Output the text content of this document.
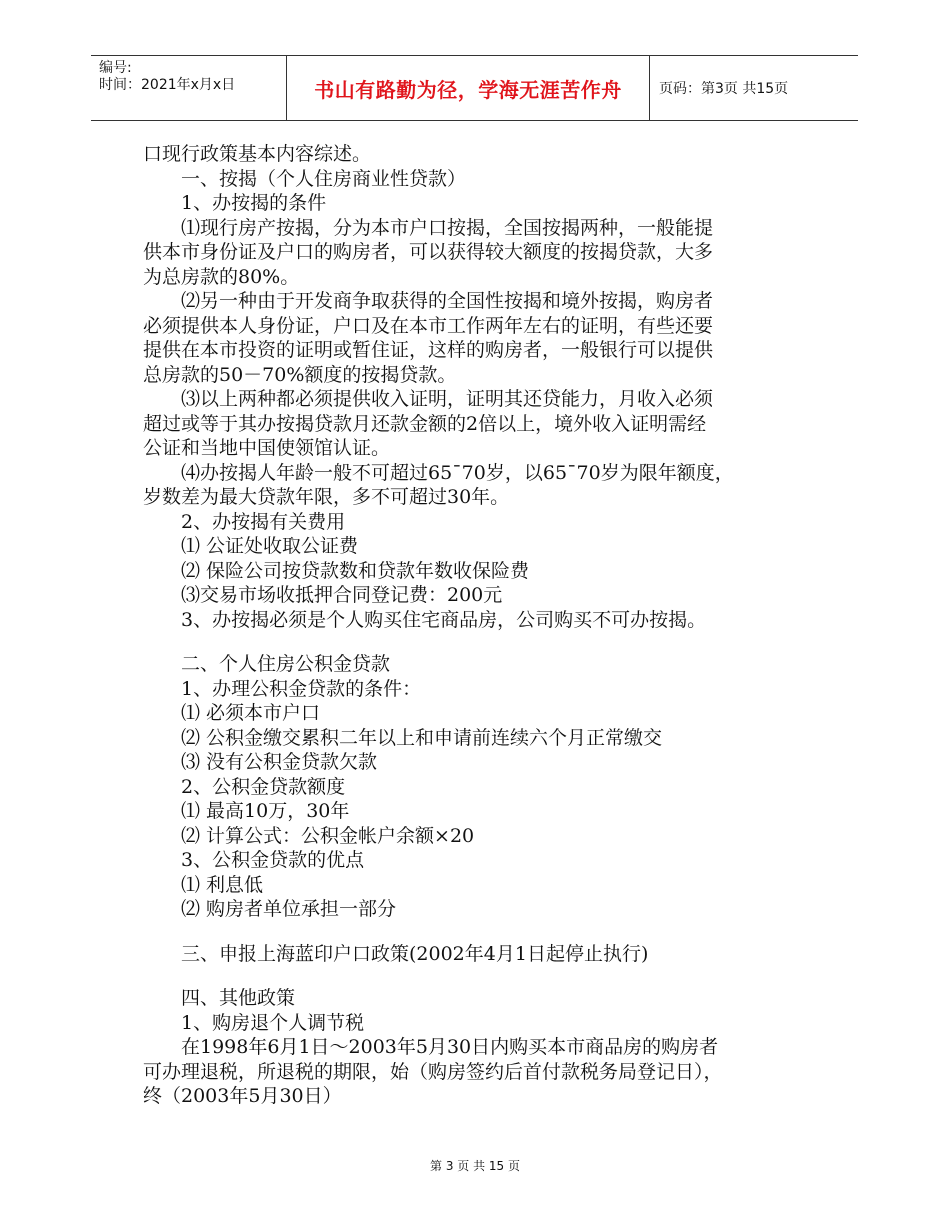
编号:
时间：2021年x月x日	书山有路勤为径，学海无涯苦作舟	页码：第3页 共15页
口现行政策基本内容综述。
　　一、按揭（个人住房商业性贷款）
　　1、办按揭的条件
　　⑴现行房产按揭，分为本市户口按揭，全国按揭两种，一般能提
供本市身份证及户口的购房者，可以获得较大额度的按揭贷款，大多
为总房款的80%。
　　⑵另一种由于开发商争取获得的全国性按揭和境外按揭，购房者
必须提供本人身份证，户口及在本市工作两年左右的证明，有些还要
提供在本市投资的证明或暂住证，这样的购房者，一般银行可以提供
总房款的50－70%额度的按揭贷款。
　　⑶以上两种都必须提供收入证明，证明其还贷能力，月收入必须
超过或等于其办按揭贷款月还款金额的2倍以上，境外收入证明需经
公证和当地中国使领馆认证。
　　⑷办按揭人年龄一般不可超过65¯70岁，以65¯70岁为限年额度，
岁数差为最大贷款年限，多不可超过30年。
　　2、办按揭有关费用
　　⑴ 公证处收取公证费
　　⑵ 保险公司按贷款数和贷款年数收保险费
　　⑶交易市场收抵押合同登记费：200元
　　3、办按揭必须是个人购买住宅商品房，公司购买不可办按揭。
　　二、个人住房公积金贷款
　　1、办理公积金贷款的条件：
　　⑴ 必须本市户口
　　⑵ 公积金缴交累积二年以上和申请前连续六个月正常缴交
　　⑶ 没有公积金贷款欠款
　　2、公积金贷款额度
　　⑴ 最高10万，30年
　　⑵ 计算公式：公积金帐户余额×20
　　3、公积金贷款的优点
　　⑴ 利息低
　　⑵ 购房者单位承担一部分
　　三、申报上海蓝印户口政策(2002年4月1日起停止执行)
　　四、其他政策
　　1、购房退个人调节税
　　在1998年6月1日～2003年5月30日内购买本市商品房的购房者
可办理退税，所退税的期限，始（购房签约后首付款税务局登记日），
终（2003年5月30日）
第 3 页 共 15 页
